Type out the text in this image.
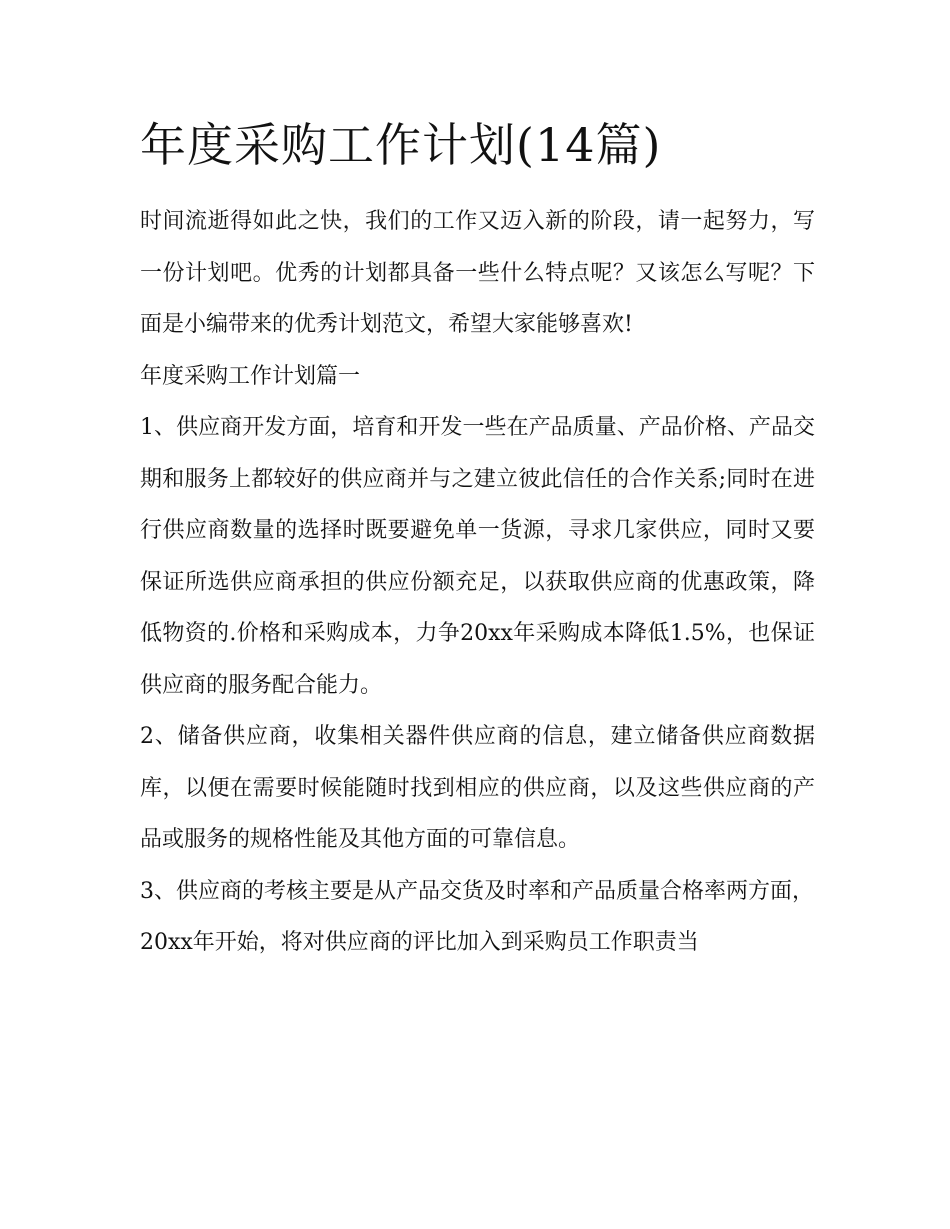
年度采购工作计划(14篇)

时间流逝得如此之快，我们的工作又迈入新的阶段，请一起努力，写一份计划吧。优秀的计划都具备一些什么特点呢？又该怎么写呢？下面是小编带来的优秀计划范文，希望大家能够喜欢!

年度采购工作计划篇一

1、供应商开发方面，培育和开发一些在产品质量、产品价格、产品交期和服务上都较好的供应商并与之建立彼此信任的合作关系;同时在进行供应商数量的选择时既要避免单一货源，寻求几家供应，同时又要保证所选供应商承担的供应份额充足，以获取供应商的优惠政策，降低物资的.价格和采购成本，力争20xx年采购成本降低1.5%，也保证供应商的服务配合能力。

2、储备供应商，收集相关器件供应商的信息，建立储备供应商数据库，以便在需要时候能随时找到相应的供应商，以及这些供应商的产品或服务的规格性能及其他方面的可靠信息。

3、供应商的考核主要是从产品交货及时率和产品质量合格率两方面，

20xx年开始，将对供应商的评比加入到采购员工作职责当
